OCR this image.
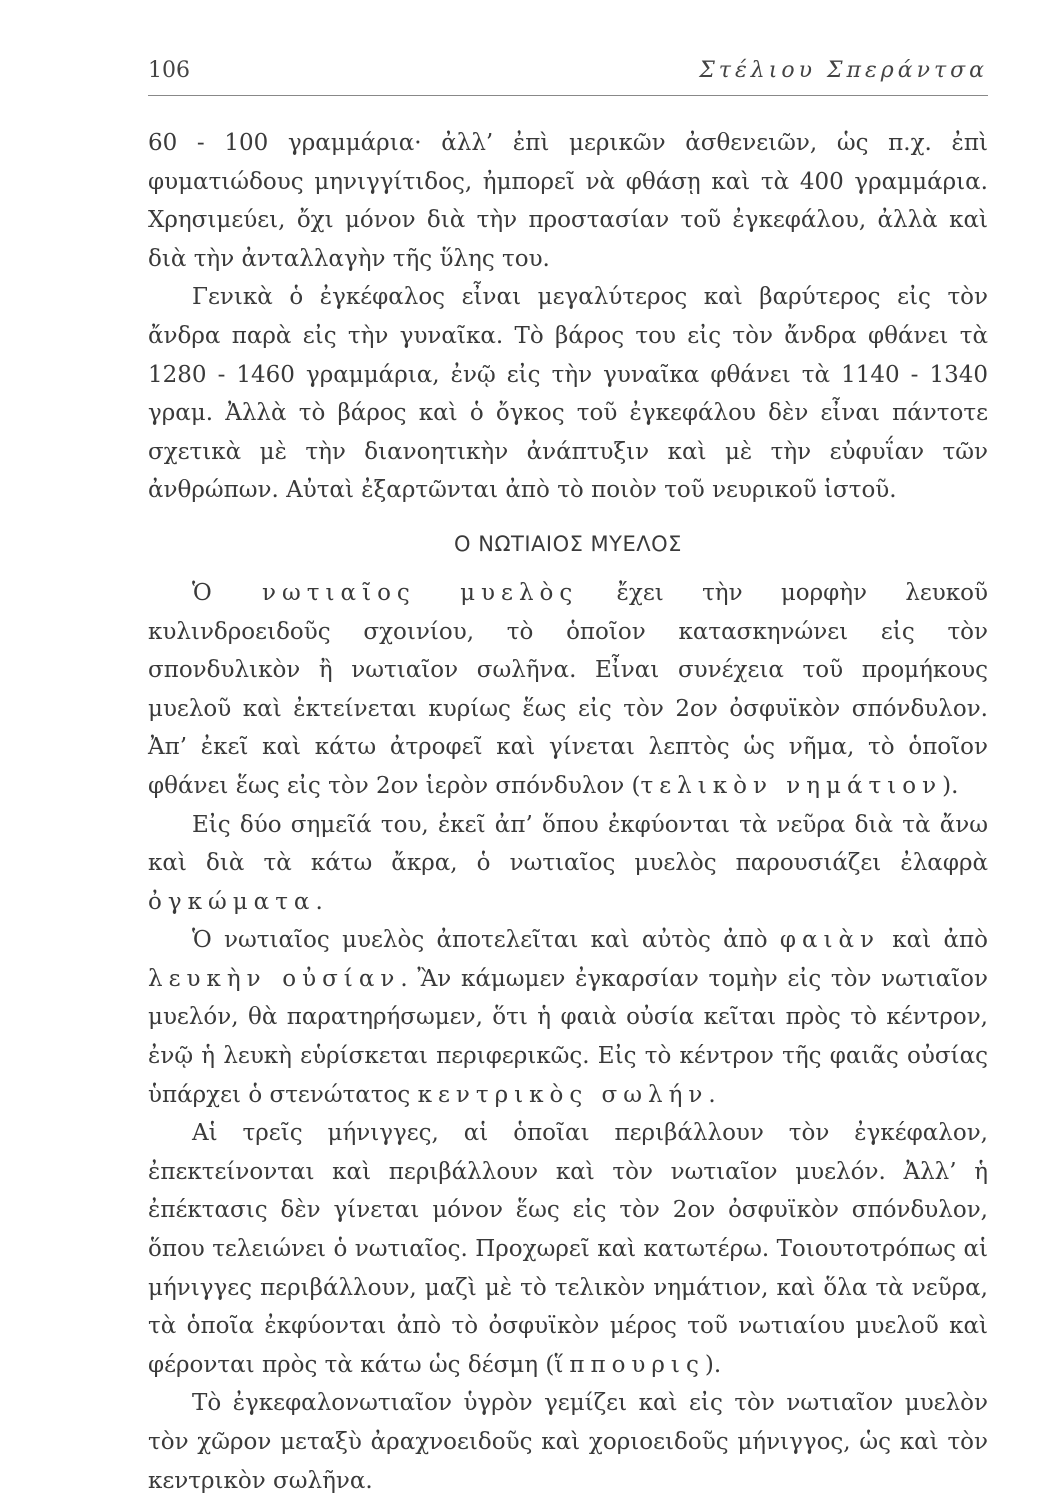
106	Στέλιου Σπεράντσα

60 - 100 γραμμάρια· ἀλλ’ ἐπὶ μερικῶν ἀσθενειῶν, ὡς π.χ. ἐπὶ φυματιώδους μηνιγγίτιδος, ἠμπορεῖ νὰ φθάσῃ καὶ τὰ 400 γραμμάρια. Χρησιμεύει, ὄχι μόνον διὰ τὴν προστασίαν τοῦ ἐγκεφάλου, ἀλλὰ καὶ διὰ τὴν ἀνταλλαγὴν τῆς ὕλης του.

Γενικὰ ὁ ἐγκέφαλος εἶναι μεγαλύτερος καὶ βαρύτερος εἰς τὸν ἄνδρα παρὰ εἰς τὴν γυναῖκα. Τὸ βάρος του εἰς τὸν ἄνδρα φθάνει τὰ 1280 - 1460 γραμμάρια, ἐνῷ εἰς τὴν γυναῖκα φθάνει τὰ 1140 - 1340 γραμ. Ἀλλὰ τὸ βάρος καὶ ὁ ὄγκος τοῦ ἐγκεφάλου δὲν εἶναι πάντοτε σχετικὰ μὲ τὴν διανοητικὴν ἀνάπτυξιν καὶ μὲ τὴν εὐφυΐαν τῶν ἀνθρώπων. Αὐταὶ ἐξαρτῶνται ἀπὸ τὸ ποιὸν τοῦ νευρικοῦ ἱστοῦ.

Ο ΝΩΤΙΑΙΟΣ ΜΥΕΛΟΣ

Ὁ νωτιαῖος μυελὸς ἔχει τὴν μορφὴν λευκοῦ κυλινδροειδοῦς σχοινίου, τὸ ὁποῖον κατασκηνώνει εἰς τὸν σπονδυλικὸν ἢ νωτιαῖον σωλῆνα. Εἶναι συνέχεια τοῦ προμήκους μυελοῦ καὶ ἐκτείνεται κυρίως ἕως εἰς τὸν 2ον ὀσφυϊκὸν σπόνδυλον. Ἀπ’ ἐκεῖ καὶ κάτω ἀτροφεῖ καὶ γίνεται λεπτὸς ὡς νῆμα, τὸ ὁποῖον φθάνει ἕως εἰς τὸν 2ον ἱερὸν σπόνδυλον (τελικὸν νημάτιον).

Εἰς δύο σημεῖά του, ἐκεῖ ἀπ’ ὅπου ἐκφύονται τὰ νεῦρα διὰ τὰ ἄνω καὶ διὰ τὰ κάτω ἄκρα, ὁ νωτιαῖος μυελὸς παρουσιάζει ἐλαφρὰ ὀγκώματα.

Ὁ νωτιαῖος μυελὸς ἀποτελεῖται καὶ αὐτὸς ἀπὸ φαιὰν καὶ ἀπὸ λευκὴν οὐσίαν. Ἂν κάμωμεν ἐγκαρσίαν τομὴν εἰς τὸν νωτιαῖον μυελόν, θὰ παρατηρήσωμεν, ὅτι ἡ φαιὰ οὐσία κεῖται πρὸς τὸ κέντρον, ἐνῷ ἡ λευκὴ εὑρίσκεται περιφερικῶς. Εἰς τὸ κέντρον τῆς φαιᾶς οὐσίας ὑπάρχει ὁ στενώτατος κεντρικὸς σωλήν.

Αἱ τρεῖς μήνιγγες, αἱ ὁποῖαι περιβάλλουν τὸν ἐγκέφαλον, ἐπεκτείνονται καὶ περιβάλλουν καὶ τὸν νωτιαῖον μυελόν. Ἀλλ’ ἡ ἐπέκτασις δὲν γίνεται μόνον ἕως εἰς τὸν 2ον ὀσφυϊκὸν σπόνδυλον, ὅπου τελειώνει ὁ νωτιαῖος. Προχωρεῖ καὶ κατωτέρω. Τοιουτοτρόπως αἱ μήνιγγες περιβάλλουν, μαζὶ μὲ τὸ τελικὸν νημάτιον, καὶ ὅλα τὰ νεῦρα, τὰ ὁποῖα ἐκφύονται ἀπὸ τὸ ὀσφυϊκὸν μέρος τοῦ νωτιαίου μυελοῦ καὶ φέρονται πρὸς τὰ κάτω ὡς δέσμη (ἵππουρις).

Τὸ ἐγκεφαλονωτιαῖον ὑγρὸν γεμίζει καὶ εἰς τὸν νωτιαῖον μυελὸν τὸν χῶρον μεταξὺ ἀραχνοειδοῦς καὶ χοριοειδοῦς μήνιγγος, ὡς καὶ τὸν κεντρικὸν σωλῆνα.
